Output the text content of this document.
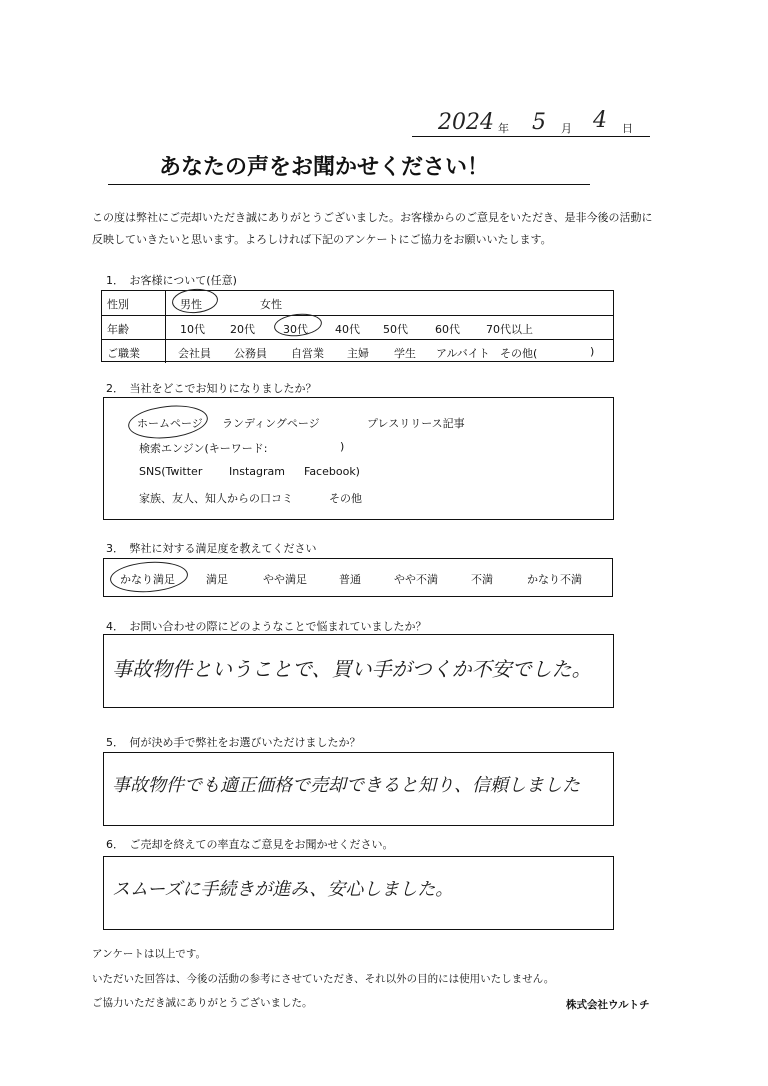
2024 年 5 月 4 日
あなたの声をお聞かせください！
この度は弊社にご売却いただき誠にありがとうございました。お客様からのご意見をいただき、是非今後の活動に
反映していきたいと思います。よろしければ下記のアンケートにご協力をお願いいたします。
1．　お客様について(任意)
性別	男性	女性
年齢	10代 20代	30代 40代 50代 60代 70代以上
ご職業	会社員 公務員 自営業 主婦 学生 アルバイト その他(	)
2．　当社をどこでお知りになりましたか？
ホームページ ランディングページ	プレスリリース記事
検索エンジン(キーワード:	)
SNS(Twitter Instagram Facebook)
家族、友人、知人からの口コミ	その他
3．　弊社に対する満足度を教えてください
かなり満足	満足	やや満足	普通	やや不満	不満	かなり不満
4．　お問い合わせの際にどのようなことで悩まれていましたか？
事故物件ということで、買い手がつくか不安でした。
5．　何が決め手で弊社をお選びいただけましたか？
事故物件でも適正価格で売却できると知り、信頼しました
6．　ご売却を終えての率直なご意見をお聞かせください。
スムーズに手続きが進み、安心しました。
アンケートは以上です。
いただいた回答は、今後の活動の参考にさせていただき、それ以外の目的には使用いたしません。
ご協力いただき誠にありがとうございました。	株式会社ウルトチ
